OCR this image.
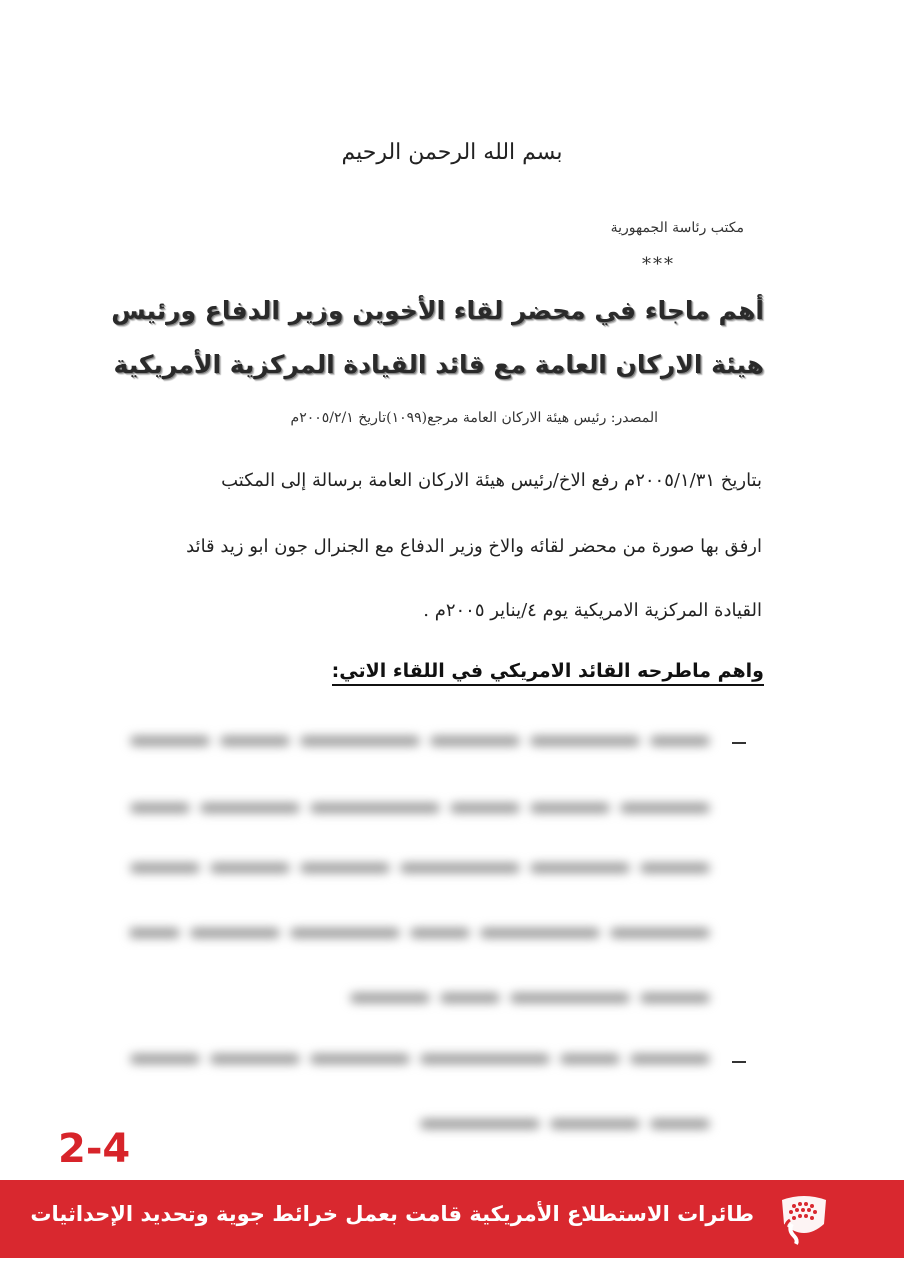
بسم الله الرحمن الرحيم
مكتب رئاسة الجمهورية
***
أهم ماجاء في محضر لقاء الأخوين وزير الدفاع ورئيس
هيئة الاركان العامة مع قائد القيادة المركزية الأمريكية
المصدر: رئيس هيئة الاركان العامة مرجع(١٠٩٩)تاريخ ٢٠٠٥/٢/١م
بتاريخ ٢٠٠٥/١/٣١م رفع الاخ/رئيس هيئة الاركان العامة برسالة إلى المكتب
ارفق بها صورة من محضر لقائه والاخ وزير الدفاع مع الجنرال جون ابو زيد قائد
القيادة المركزية الامريكية يوم ٤/يناير ٢٠٠٥م .
واهم ماطرحه القائد الامريكي في اللقاء الاتي:
2-4
طائرات الاستطلاع الأمريكية قامت بعمل خرائط جوية وتحديد الإحداثيات
